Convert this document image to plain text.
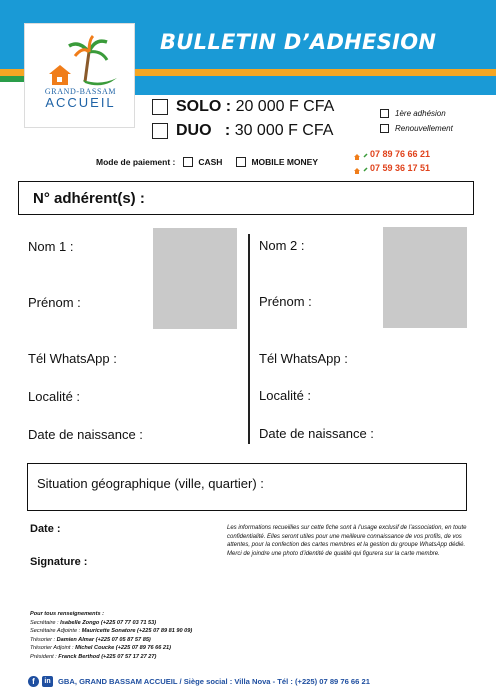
BULLETIN D’ADHESION
GRAND-BASSAM
ACCUEIL	SOLO :
20 000 F CFA
DUO
:
30 000 F CFA
1ère adhésion
Renouvellement
Mode de paiement :	CASH	MOBILE MONEY
07 89 76 66 21
07 59 36 17 51
N° adhérent(s) :
Nom 1 :
Prénom :
Tél WhatsApp :
Localité :
Date de naissance :
Nom 2 :
Prénom :
Tél WhatsApp :
Localité :
Date de naissance :
Situation géographique (ville, quartier) :
Date :
Signature :
Les informations recueillies sur cette fiche sont à l’usage exclusif de l’association, en toute confidentialité. Elles seront utiles pour une meilleure connaissance de vos profils, de vos attentes, pour la confection des cartes membres et la gestion du groupe WhatsApp dédié. Merci de joindre une photo d’identité de qualité qui figurera sur la carte membre.
Pour tous renseignements :
Secrétaire : Isabelle Zongo (+225 07 77 03 71 53)
Secrétaire Adjointe : Mauricette Sonatore (+225 07 89 81 90 09)
Trésorier : Damien Almar (+225 07 05 87 57 85)
Trésorier Adjoint : Michel Coucke (+225 07 89 76 66 21)
Président : Franck Berthod (+225 07 57 17 27 27)
f	in GBA, GRAND BASSAM ACCUEIL / Siège social : Villa Nova - Tél : (+225) 07 89 76 66 21
